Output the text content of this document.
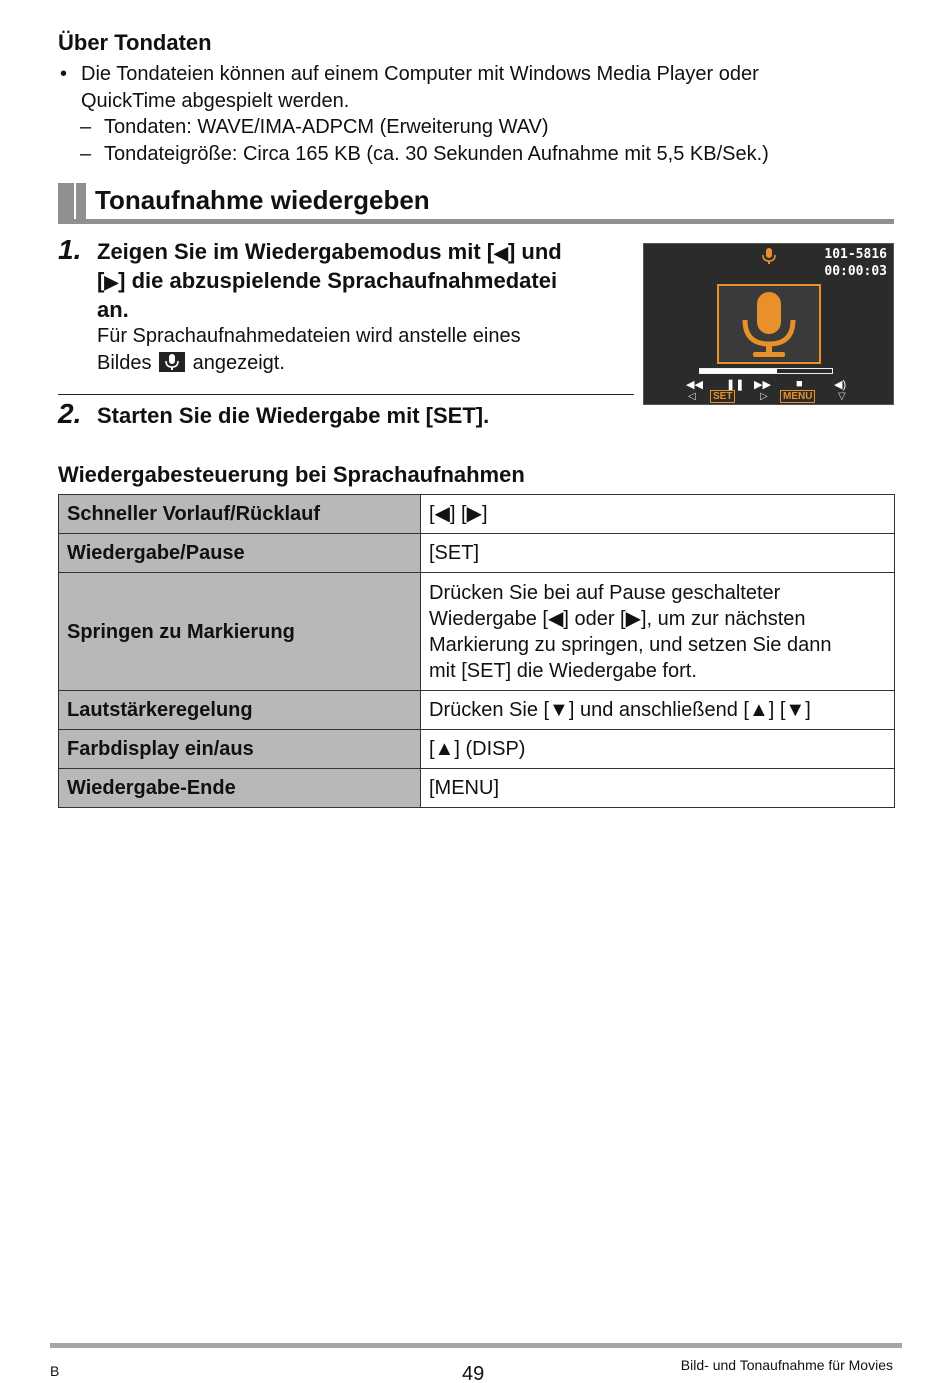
Über Tondaten
• Die Tondateien können auf einem Computer mit Windows Media Player oder
QuickTime abgespielt werden.
– Tondaten: WAVE/IMA-ADPCM (Erweiterung WAV)
– Tondateigröße: Circa 165 KB (ca. 30 Sekunden Aufnahme mit 5,5 KB/Sek.)
Tonaufnahme wiedergeben
1. Zeigen Sie im Wiedergabemodus mit [◀] und
[▶] die abzuspielende Sprachaufnahmedatei
an.
Für Sprachaufnahmedateien wird anstelle eines
Bildes angezeigt.
101-5816
00:00:03
◀◀ ❚❚ ▶▶ ■	◀)
◁	SET	▷	MENU	▽
2. Starten Sie die Wiedergabe mit [SET].
Wiedergabesteuerung bei Sprachaufnahmen
Schneller Vorlauf/Rücklauf	[◀] [▶]
Wiedergabe/Pause	[SET]
Springen zu Markierung	Drücken Sie bei auf Pause geschalteter
Wiedergabe [◀] oder [▶], um zur nächsten
Markierung zu springen, und setzen Sie dann
mit [SET] die Wiedergabe fort.

Lautstärkeregelung	Drücken Sie [▼] und anschließend [▲] [▼]
Farbdisplay ein/aus	[▲] (DISP)
Wiedergabe-Ende	[MENU]
B	49	Bild- und Tonaufnahme für Movies
